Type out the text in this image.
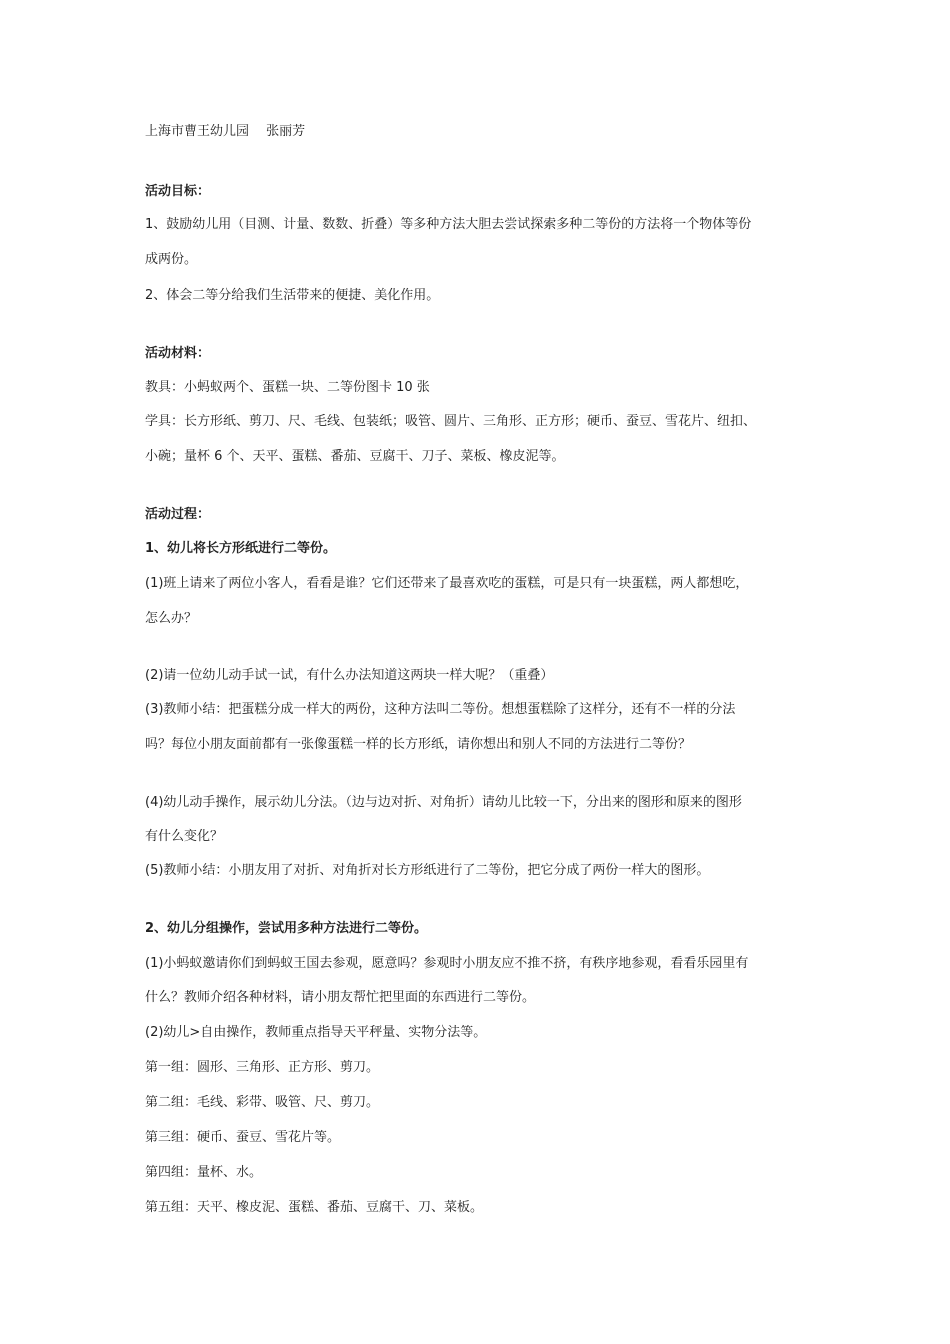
上海市曹王幼儿园　 张丽芳
活动目标：
1、鼓励幼儿用（目测、计量、数数、折叠）等多种方法大胆去尝试探索多种二等份的方法将一个物体等份
成两份。
2、体会二等分给我们生活带来的便捷、美化作用。
活动材料：
教具：小蚂蚁两个、蛋糕一块、二等份图卡 10 张
学具：长方形纸、剪刀、尺、毛线、包装纸；吸管、圆片、三角形、正方形；硬币、蚕豆、雪花片、纽扣、
小碗；量杯 6 个、天平、蛋糕、番茄、豆腐干、刀子、菜板、橡皮泥等。
活动过程：
1、幼儿将长方形纸进行二等份。
(1)班上请来了两位小客人，看看是谁？它们还带来了最喜欢吃的蛋糕，可是只有一块蛋糕，两人都想吃，
怎么办？
(2)请一位幼儿动手试一试，有什么办法知道这两块一样大呢？（重叠）
(3)教师小结：把蛋糕分成一样大的两份，这种方法叫二等份。想想蛋糕除了这样分，还有不一样的分法
吗？每位小朋友面前都有一张像蛋糕一样的长方形纸，请你想出和别人不同的方法进行二等份？
(4)幼儿动手操作，展示幼儿分法。（边与边对折、对角折）请幼儿比较一下，分出来的图形和原来的图形
有什么变化？
(5)教师小结：小朋友用了对折、对角折对长方形纸进行了二等份，把它分成了两份一样大的图形。
2、幼儿分组操作，尝试用多种方法进行二等份。
(1)小蚂蚁邀请你们到蚂蚁王国去参观，愿意吗？参观时小朋友应不推不挤，有秩序地参观，看看乐园里有
什么？教师介绍各种材料，请小朋友帮忙把里面的东西进行二等份。
(2)幼儿>自由操作，教师重点指导天平秤量、实物分法等。
第一组：圆形、三角形、正方形、剪刀。
第二组：毛线、彩带、吸管、尺、剪刀。
第三组：硬币、蚕豆、雪花片等。
第四组：量杯、水。
第五组：天平、橡皮泥、蛋糕、番茄、豆腐干、刀、菜板。
